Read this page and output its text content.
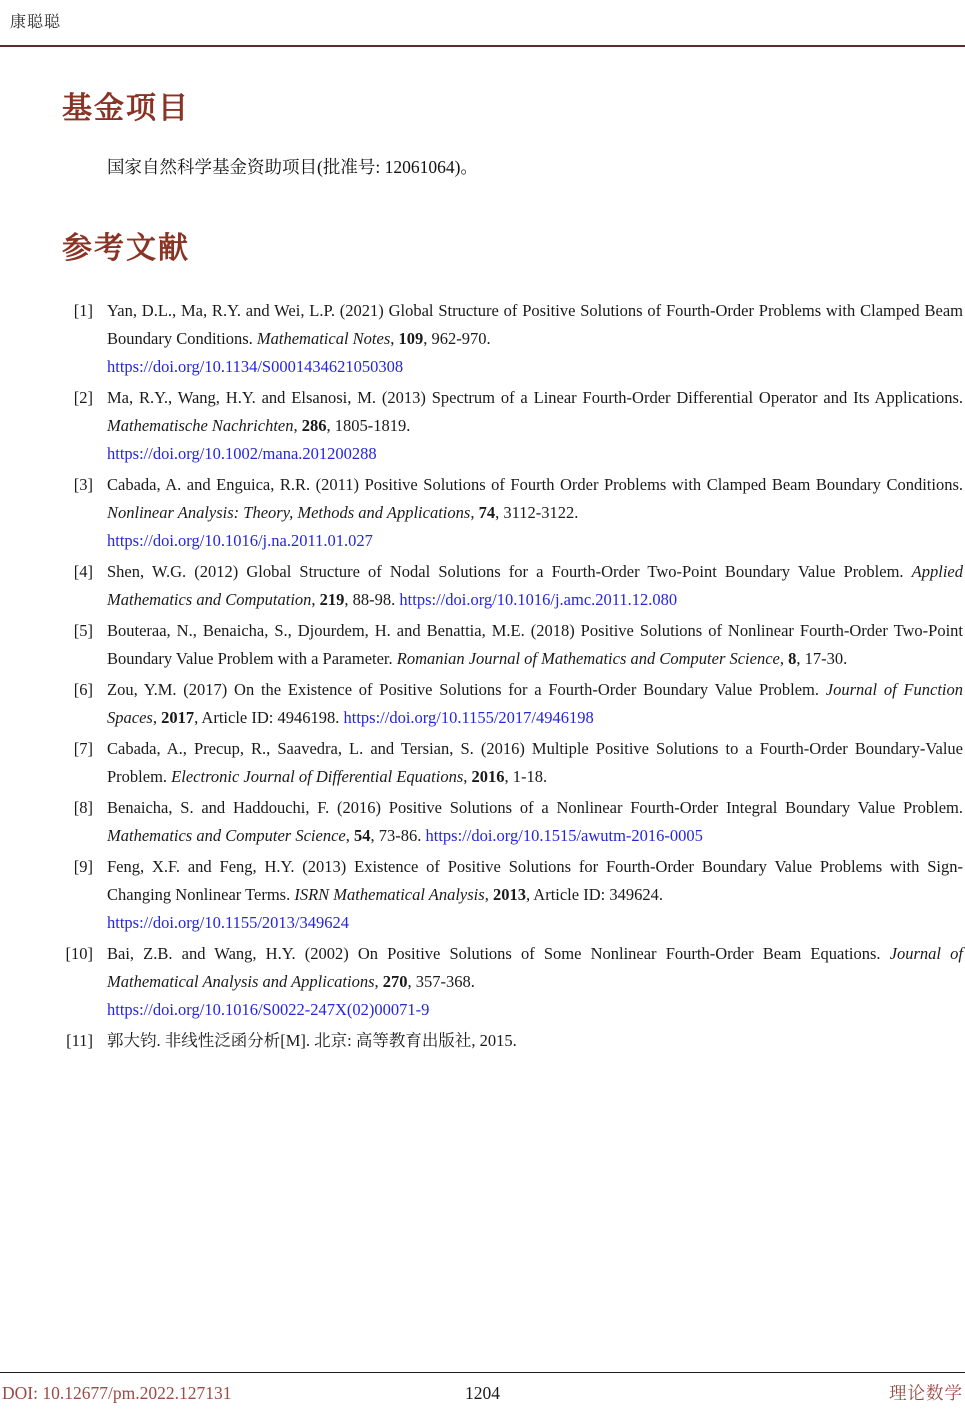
康聪聪
基金项目

国家自然科学基金资助项目(批准号: 12061064)。

参考文献
[1] Yan, D.L., Ma, R.Y. and Wei, L.P. (2021) Global Structure of Positive Solutions of Fourth-Order Problems with Clamped Beam Boundary Conditions. Mathematical Notes, 109, 962-970.
https://doi.org/10.1134/S0001434621050308

[2] Ma, R.Y., Wang, H.Y. and Elsanosi, M. (2013) Spectrum of a Linear Fourth-Order Differential Operator and Its Applications. Mathematische Nachrichten, 286, 1805-1819.
https://doi.org/10.1002/mana.201200288

[3] Cabada, A. and Enguica, R.R. (2011) Positive Solutions of Fourth Order Problems with Clamped Beam Boundary Conditions. Nonlinear Analysis: Theory, Methods and Applications, 74, 3112-3122.
https://doi.org/10.1016/j.na.2011.01.027

[4] Shen, W.G. (2012) Global Structure of Nodal Solutions for a Fourth-Order Two-Point Boundary Value Problem. Applied Mathematics and Computation, 219, 88-98. https://doi.org/10.1016/j.amc.2011.12.080

[5] Bouteraa, N., Benaicha, S., Djourdem, H. and Benattia, M.E. (2018) Positive Solutions of Nonlinear Fourth-Order Two-Point Boundary Value Problem with a Parameter. Romanian Journal of Mathematics and Computer Science, 8, 17-30.

[6] Zou, Y.M. (2017) On the Existence of Positive Solutions for a Fourth-Order Boundary Value Problem. Journal of Function Spaces, 2017, Article ID: 4946198. https://doi.org/10.1155/2017/4946198

[7] Cabada, A., Precup, R., Saavedra, L. and Tersian, S. (2016) Multiple Positive Solutions to a Fourth-Order Boundary-Value Problem. Electronic Journal of Differential Equations, 2016, 1-18.

[8] Benaicha, S. and Haddouchi, F. (2016) Positive Solutions of a Nonlinear Fourth-Order Integral Boundary Value Problem. Mathematics and Computer Science, 54, 73-86. https://doi.org/10.1515/awutm-2016-0005

[9] Feng, X.F. and Feng, H.Y. (2013) Existence of Positive Solutions for Fourth-Order Boundary Value Problems with Sign-Changing Nonlinear Terms. ISRN Mathematical Analysis, 2013, Article ID: 349624.
https://doi.org/10.1155/2013/349624

[10] Bai, Z.B. and Wang, H.Y. (2002) On Positive Solutions of Some Nonlinear Fourth-Order Beam Equations. Journal of Mathematical Analysis and Applications, 270, 357-368.
https://doi.org/10.1016/S0022-247X(02)00071-9

[11] 郭大钧. 非线性泛函分析[M]. 北京: 高等教育出版社, 2015.

DOI: 10.12677/pm.2022.127131	1204	理论数学
